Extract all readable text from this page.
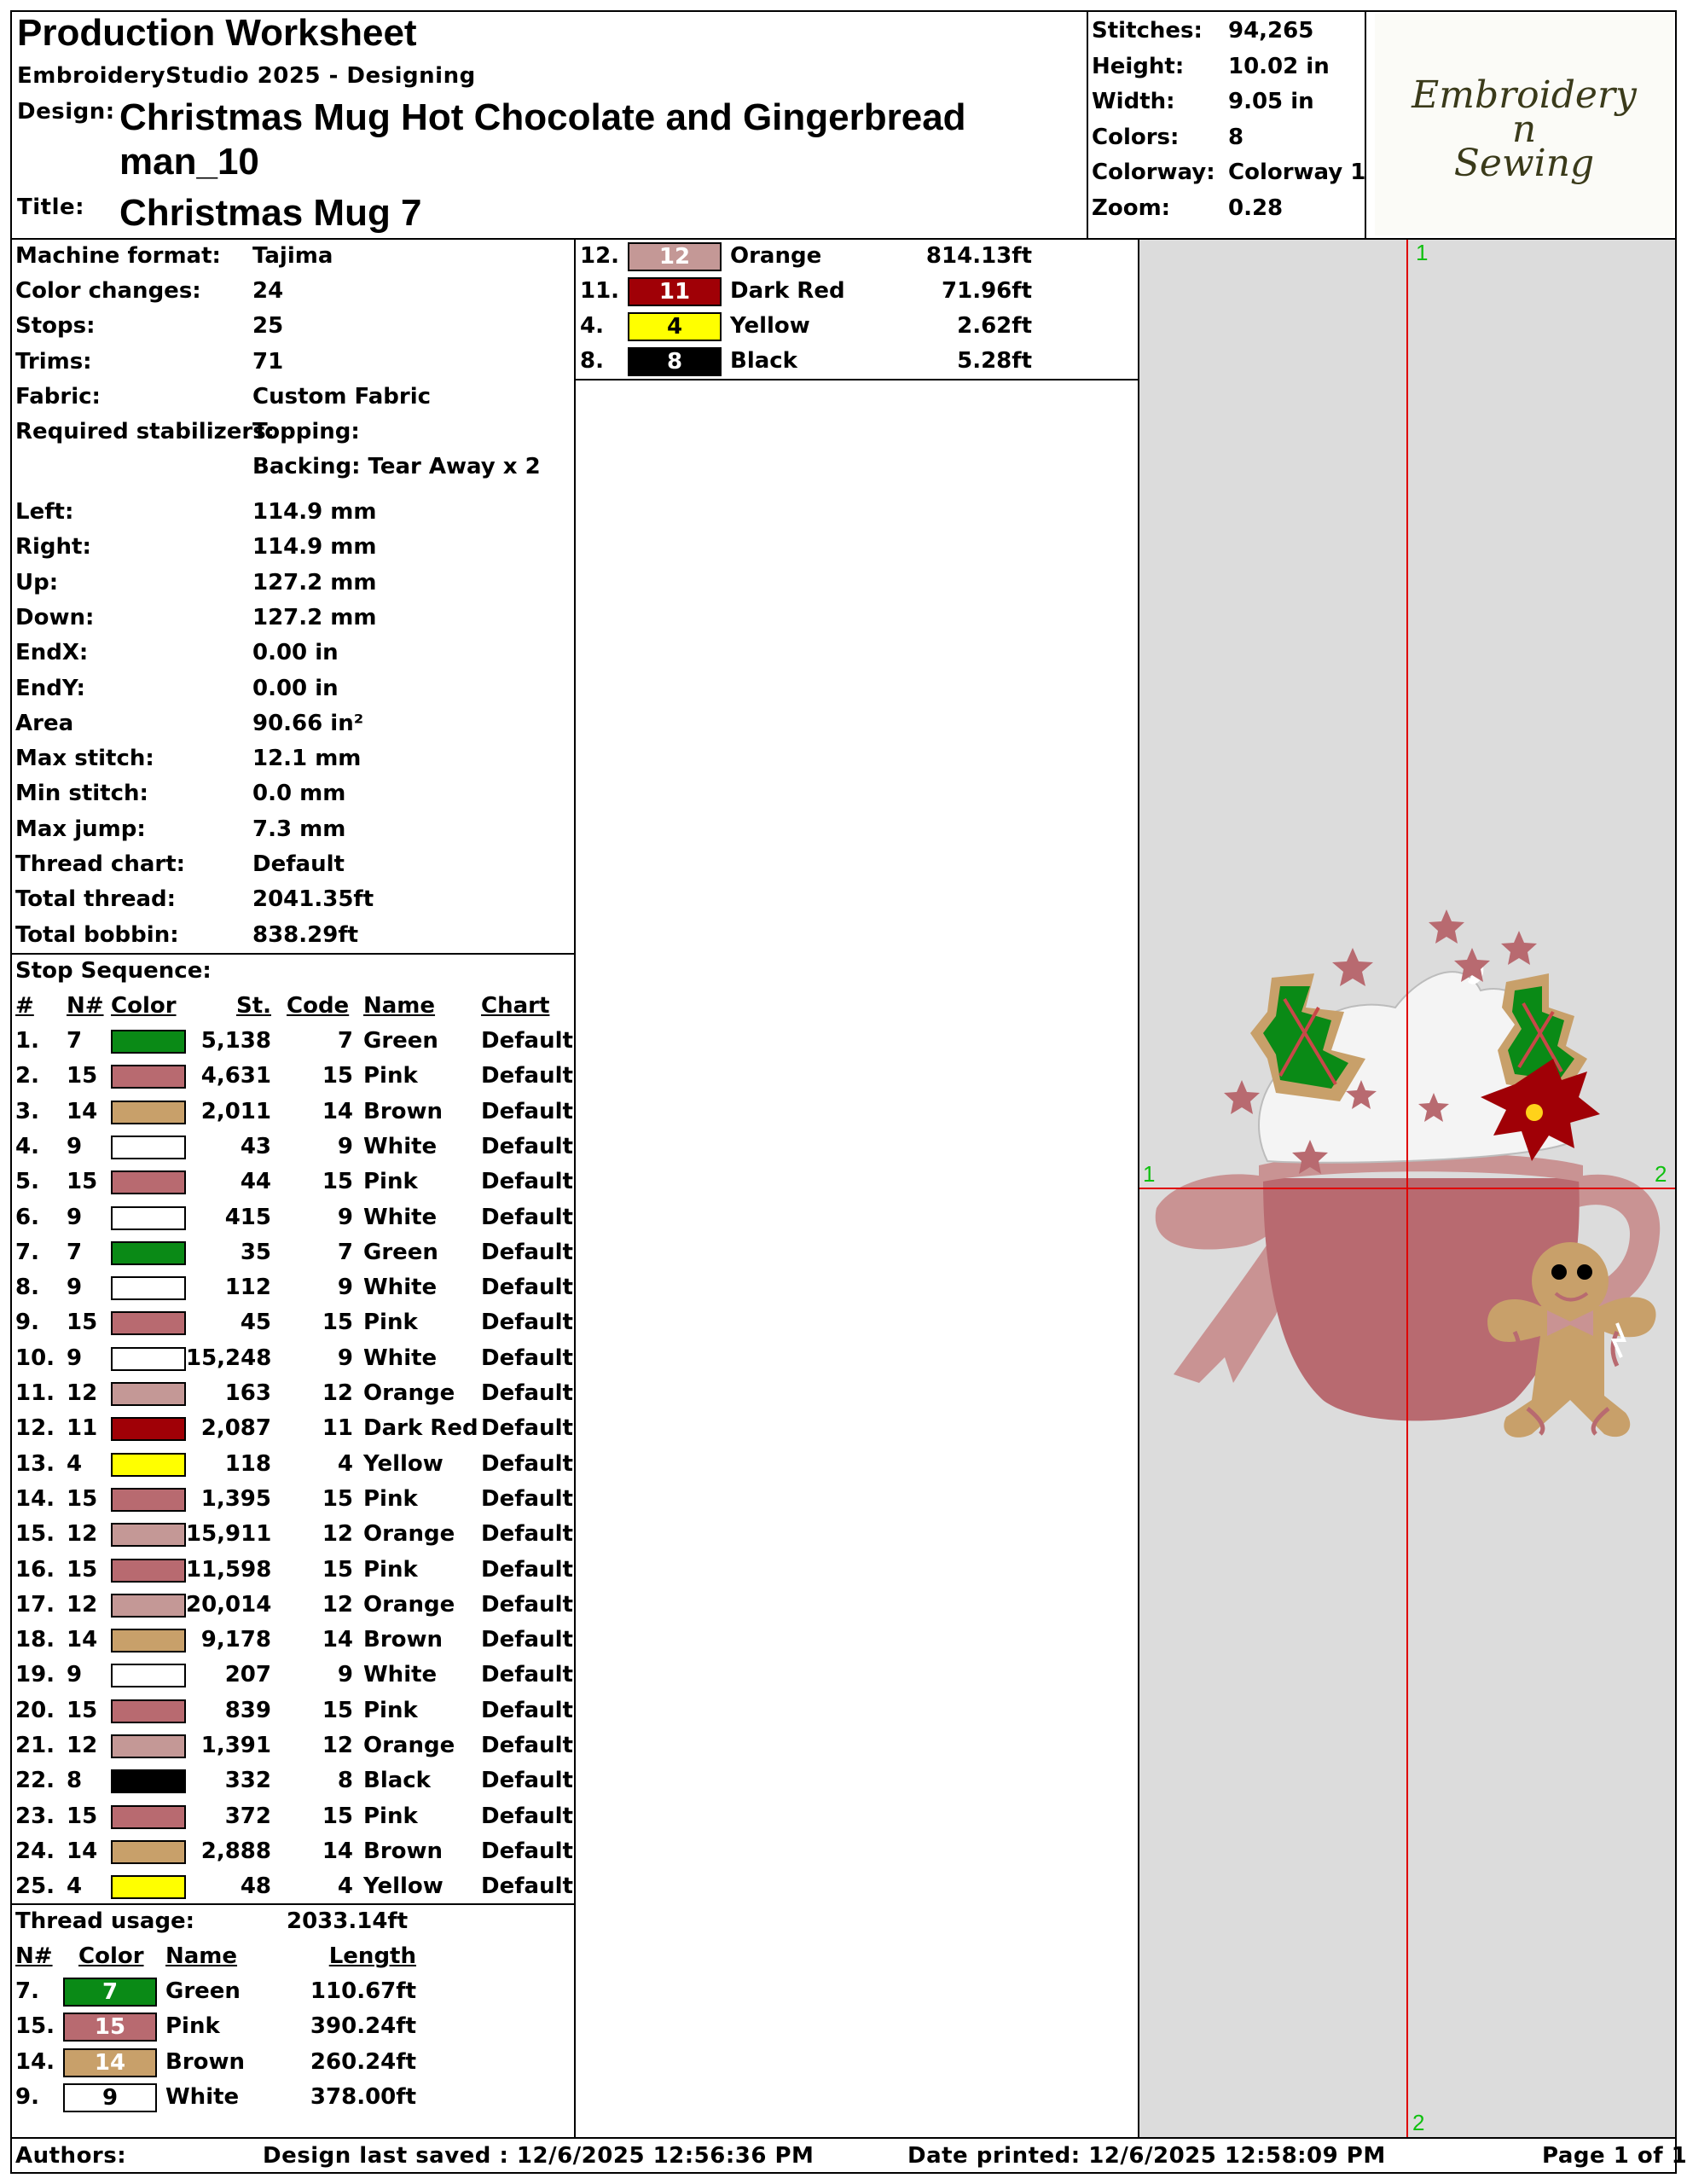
Production Worksheet
EmbroideryStudio 2025 - Designing
Design: Christmas Mug Hot Chocolate and Gingerbread man_10
Title: Christmas Mug 7
Stitches: 94,265
Height: 10.02 in
Width: 9.05 in
Colors: 8
Colorway: Colorway 1
Zoom:	0.28
Embroidery
n
Sewing
Machine format: Tajima
Color changes: 24
Stops:	25
Trims:	71
Fabric:	Custom Fabric
Required stabilizers:
Topping:
Backing: Tear Away x 2
Left:	114.9 mm
Right:	114.9 mm
Up:	127.2 mm
Down:	127.2 mm
EndX:	0.00 in
EndY:	0.00 in
Area	90.66 in²
Max stitch:	12.1 mm
Min stitch:	0.0 mm
Max jump:	7.3 mm
Thread chart:	Default
Total thread:	2041.35ft
Total bobbin:	838.29ft
Stop Sequence:
# N# Color	St. Code Name Chart
1. 7	5,138	7 Green Default
2. 15	4,631	15 Pink	Default
3. 14	2,011	14 Brown Default
4. 9	43	9 White Default
5. 15	44	15 Pink	Default
6. 9	415	9 White Default
7. 7	35	7 Green Default
8. 9	112	9 White Default
9. 15	45	15 Pink	Default
10. 9	15,248	9 White Default
11. 12	163	12 Orange Default
12. 11	2,087	11 Dark Red Default
13. 4	118	4 Yellow Default
14. 15	1,395	15 Pink	Default
15. 12	15,911	12 Orange Default
16. 15	11,598	15 Pink	Default
17. 12	20,014	12 Orange Default
18. 14	9,178	14 Brown Default
19. 9	207	9 White Default
20. 15	839	15 Pink	Default
21. 12	1,391	12 Orange Default
22. 8	332	8 Black Default
23. 15	372	15 Pink	Default
24. 14	2,888	14 Brown Default
25. 4	48	4 Yellow Default
Thread usage:	2033.14ft
N# Color Name	Length
7.	7	Green	110.67ft
15.	15	Pink	390.24ft
14.	14	Brown	260.24ft
9.	9	White	378.00ft
12.	12	Orange	814.13ft
11.	11	Dark Red	71.96ft
4.	4	Yellow	2.62ft
8.	8	Black	5.28ft
1
1	2
2
Authors:	Design last saved : 12/6/2025 12:56:36 PM	Date printed: 12/6/2025 12:58:09 PM	Page 1 of 1
